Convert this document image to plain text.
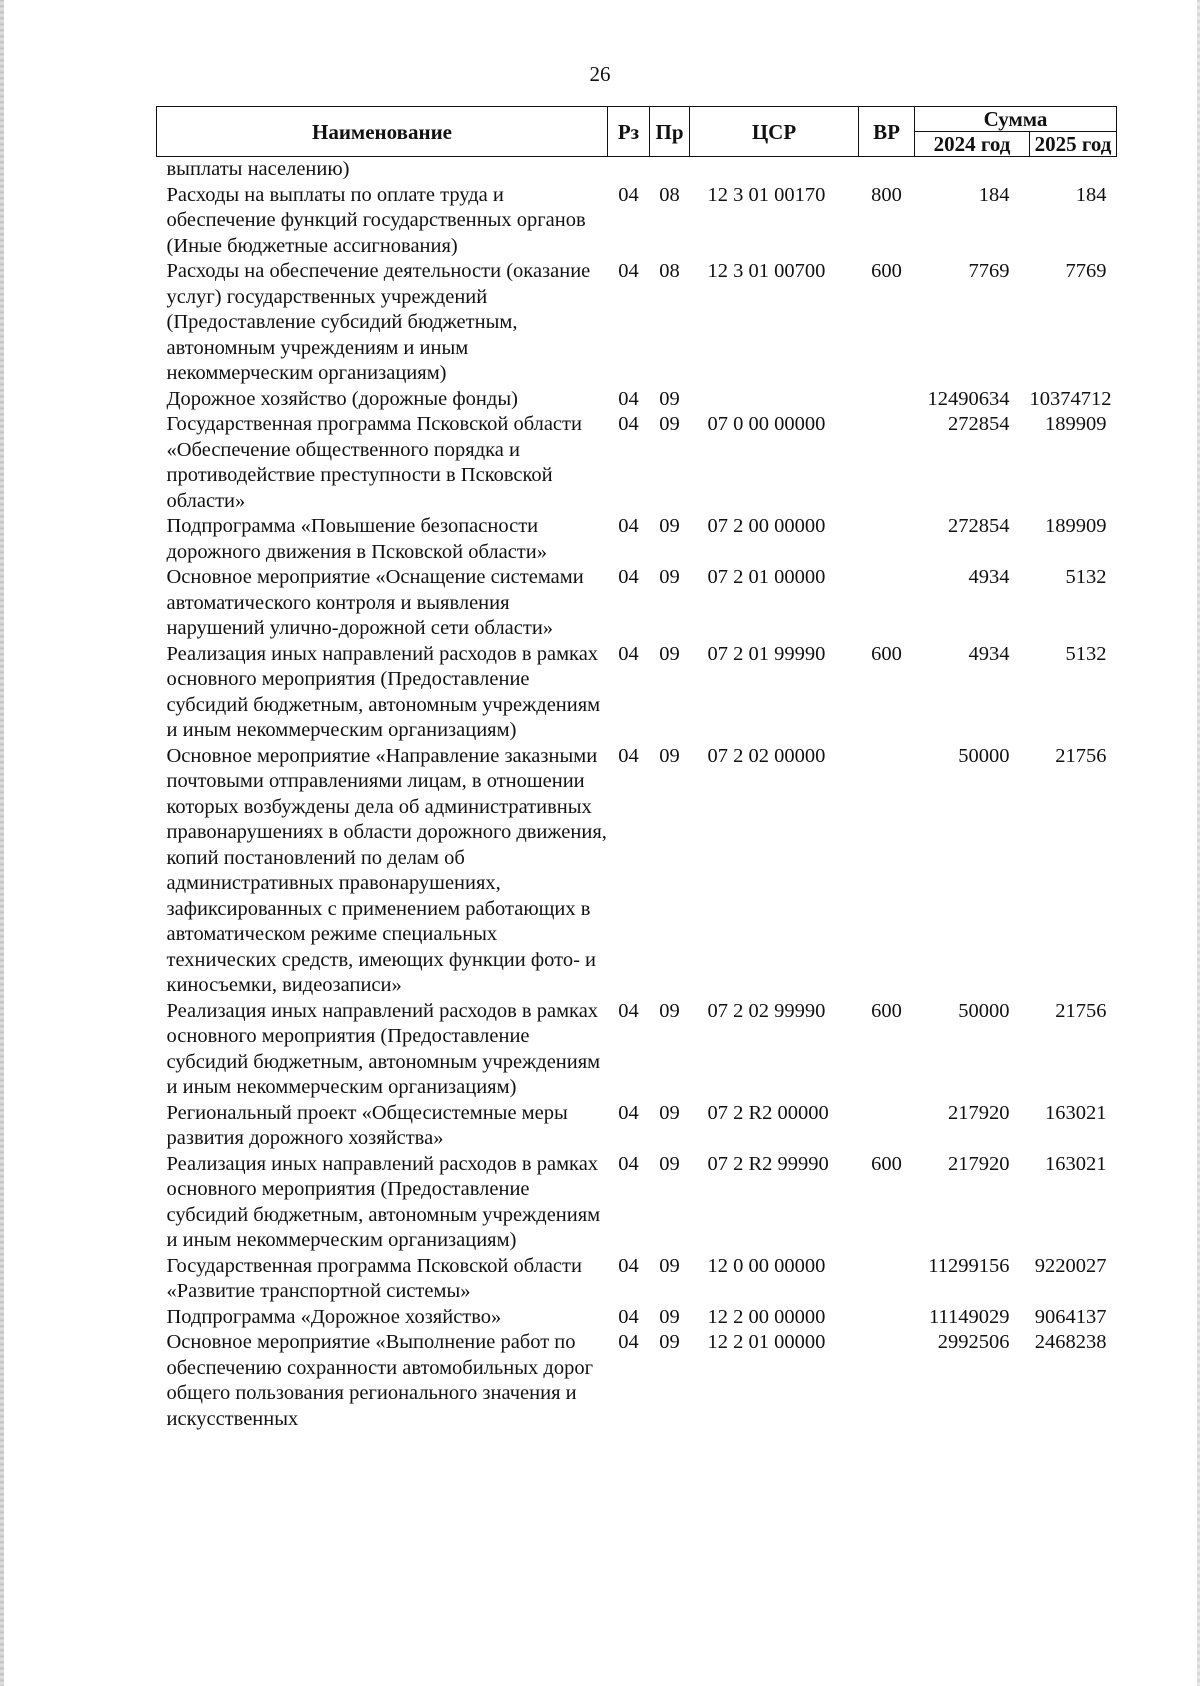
26
Наименование	Рз	Пр	ЦСР	ВР	Сумма	
					2024 год	2025 год
выплаты населению)						
Расходы на выплаты по оплате труда и обеспечение функций государственных органов (Иные бюджетные ассигнования)	04	08	12 3 01 00170	800	184	184
Расходы на обеспечение деятельности (оказание услуг) государственных учреждений (Предоставление субсидий бюджетным, автономным учреждениям и иным некоммерческим организациям)	04	08	12 3 01 00700	600	7769	7769
Дорожное хозяйство (дорожные фонды)	04	09			12490634	10374712
Государственная программа Псковской области «Обеспечение общественного порядка и противодействие преступности в Псковской области»	04	09	07 0 00 00000		272854	189909
Подпрограмма «Повышение безопасности дорожного движения в Псковской области»	04	09	07 2 00 00000		272854	189909
Основное мероприятие «Оснащение системами автоматического контроля и выявления нарушений улично-дорожной сети области»	04	09	07 2 01 00000		4934	5132
Реализация иных направлений расходов в рамках основного мероприятия (Предоставление субсидий бюджетным, автономным учреждениям и иным некоммерческим организациям)	04	09	07 2 01 99990	600	4934	5132
Основное мероприятие «Направление заказными почтовыми отправлениями лицам, в отношении которых возбуждены дела об административных правонарушениях в области дорожного движения, копий постановлений по делам об административных правонарушениях, зафиксированных с применением работающих в автоматическом режиме специальных технических средств, имеющих функции фото- и киносъемки, видеозаписи»	04	09	07 2 02 00000		50000	21756
Реализация иных направлений расходов в рамках основного мероприятия (Предоставление субсидий бюджетным, автономным учреждениям и иным некоммерческим организациям)	04	09	07 2 02 99990	600	50000	21756
Региональный проект «Общесистемные меры развития дорожного хозяйства»	04	09	07 2 R2 00000		217920	163021
Реализация иных направлений расходов в рамках основного мероприятия (Предоставление субсидий бюджетным, автономным учреждениям и иным некоммерческим организациям)	04	09	07 2 R2 99990	600	217920	163021
Государственная программа Псковской области «Развитие транспортной системы»	04	09	12 0 00 00000		11299156	9220027
Подпрограмма «Дорожное хозяйство»	04	09	12 2 00 00000		11149029	9064137
Основное мероприятие «Выполнение работ по обеспечению сохранности автомобильных дорог общего пользования регионального значения и искусственных	04	09	12 2 01 00000		2992506	2468238
